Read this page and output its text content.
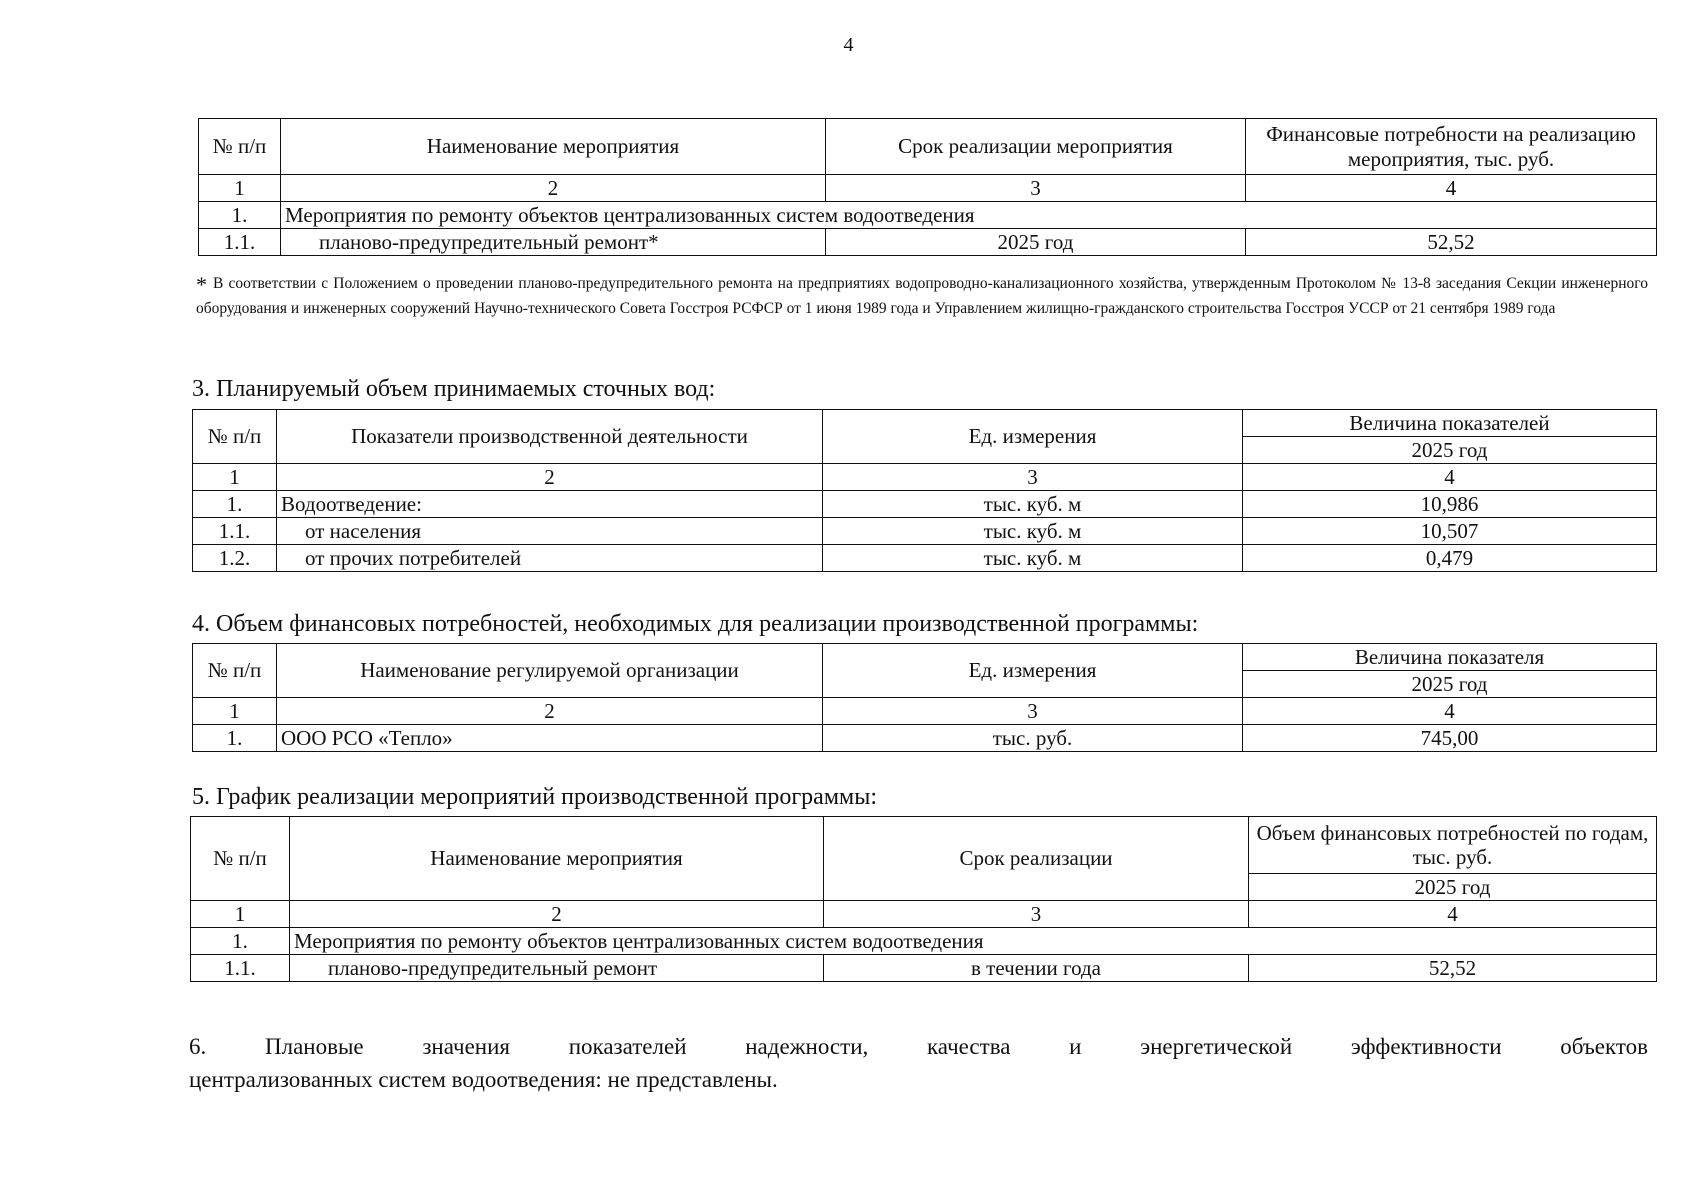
4
№ п/п	Наименование мероприятия	Срок реализации мероприятия	Финансовые потребности на реализацию мероприятия, тыс. руб.
1	2	3	4
1.	Мероприятия по ремонту объектов централизованных систем водоотведения		
1.1.	планово-предупредительный ремонт*	2025 год	52,52
* В соответствии с Положением о проведении планово-предупредительного ремонта на предприятиях водопроводно-канализационного хозяйства, утвержденным Протоколом № 13-8 заседания Секции инженерного оборудования и инженерных сооружений Научно-технического Совета Госстроя РСФСР от 1 июня 1989 года и Управлением жилищно-гражданского строительства Госстроя УССР от 21 сентября 1989 года
3. Планируемый объем принимаемых сточных вод:
№ п/п	Показатели производственной деятельности	Ед. измерения	Величина показателей
			2025 год
1	2	3	4
1.	Водоотведение:	тыс. куб. м	10,986
1.1.	от населения	тыс. куб. м	10,507
1.2.	от прочих потребителей	тыс. куб. м	0,479
4. Объем финансовых потребностей, необходимых для реализации производственной программы:
№ п/п	Наименование регулируемой организации	Ед. измерения	Величина показателя
			2025 год
1	2	3	4
1.	ООО РСО «Тепло»	тыс. руб.	745,00
5. График реализации мероприятий производственной программы:
№ п/п	Наименование мероприятия	Срок реализации	Объем финансовых потребностей по годам, тыс. руб.
			2025 год
1	2	3	4
1.	Мероприятия по ремонту объектов централизованных систем водоотведения		
1.1.	планово-предупредительный ремонт	в течении года	52,52
6. Плановые значения показателей надежности, качества и энергетической эффективности объектов
централизованных систем водоотведения: не представлены.
